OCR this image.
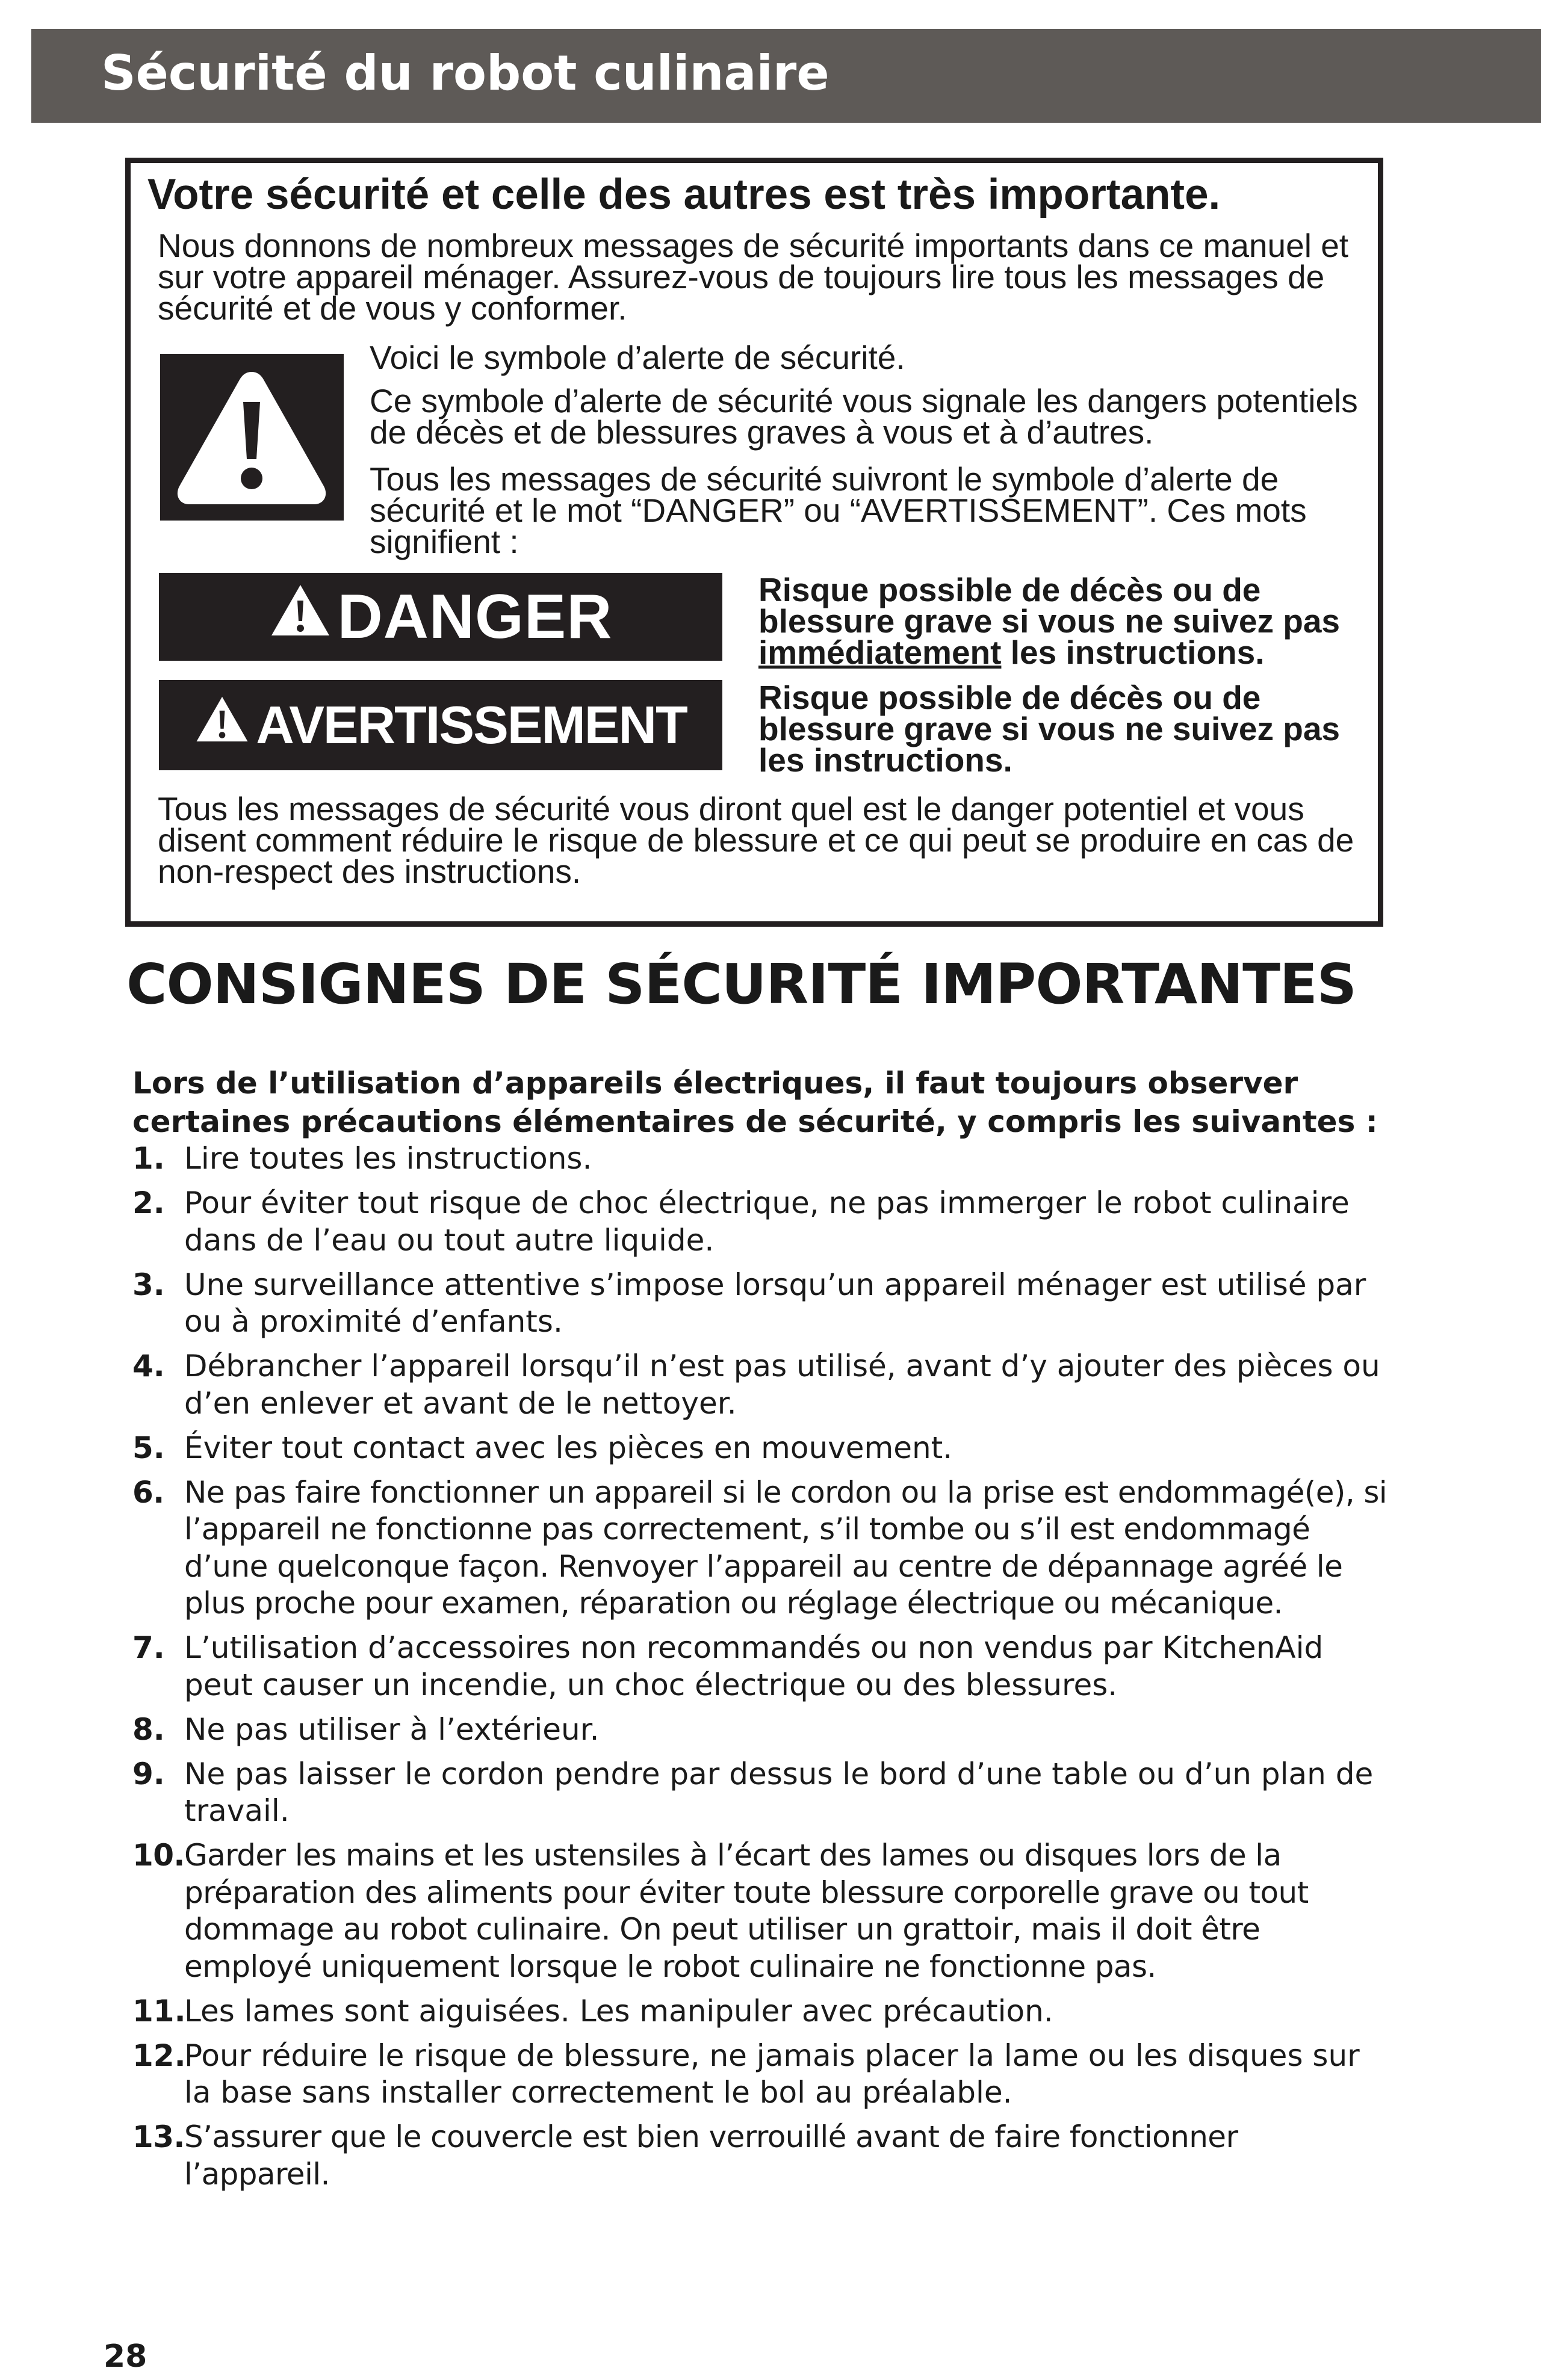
Sécurité du robot culinaire
Votre sécurité et celle des autres est très importante.

Nous donnons de nombreux messages de sécurité importants dans ce manuel et sur votre appareil ménager. Assurez-vous de toujours lire tous les messages de sécurité et de vous y conformer.

Voici le symbole d’alerte de sécurité.

Ce symbole d’alerte de sécurité vous signale les dangers potentiels de décès et de blessures graves à vous et à d’autres.

Tous les messages de sécurité suivront le symbole d’alerte de sécurité et le mot “DANGER” ou “AVERTISSEMENT”. Ces mots signifient :

DANGER	Risque possible de décès ou de blessure grave si vous ne suivez pas immédiatement les instructions.

AVERTISSEMENT Risque possible de décès ou de blessure grave si vous ne suivez pas les instructions.

Tous les messages de sécurité vous diront quel est le danger potentiel et vous disent comment réduire le risque de blessure et ce qui peut se produire en cas de non-respect des instructions.

CONSIGNES DE SÉCURITÉ IMPORTANTES

Lors de l’utilisation d’appareils électriques, il faut toujours observer certaines précautions élémentaires de sécurité, y compris les suivantes :

1. Lire toutes les instructions.
2. Pour éviter tout risque de choc électrique, ne pas immerger le robot culinaire dans de l’eau ou tout autre liquide.
3. Une surveillance attentive s’impose lorsqu’un appareil ménager est utilisé par ou à proximité d’enfants.
4. Débrancher l’appareil lorsqu’il n’est pas utilisé, avant d’y ajouter des pièces ou d’en enlever et avant de le nettoyer.
5. Éviter tout contact avec les pièces en mouvement.
6. Ne pas faire fonctionner un appareil si le cordon ou la prise est endommagé(e), si l’appareil ne fonctionne pas correctement, s’il tombe ou s’il est endommagé d’une quelconque façon. Renvoyer l’appareil au centre de dépannage agréé le plus proche pour examen, réparation ou réglage électrique ou mécanique.
7. L’utilisation d’accessoires non recommandés ou non vendus par KitchenAid peut causer un incendie, un choc électrique ou des blessures.
8. Ne pas utiliser à l’extérieur.
9. Ne pas laisser le cordon pendre par dessus le bord d’une table ou d’un plan de travail.
10. Garder les mains et les ustensiles à l’écart des lames ou disques lors de la préparation des aliments pour éviter toute blessure corporelle grave ou tout dommage au robot culinaire. On peut utiliser un grattoir, mais il doit être employé uniquement lorsque le robot culinaire ne fonctionne pas.
11.
Les lames sont aiguisées. Les manipuler avec précaution.
12.
Pour réduire le risque de blessure, ne jamais placer la lame ou les disques sur la base sans installer correctement le bol au préalable.
13. S’assurer que le couvercle est bien verrouillé avant de faire fonctionner l’appareil.

28
